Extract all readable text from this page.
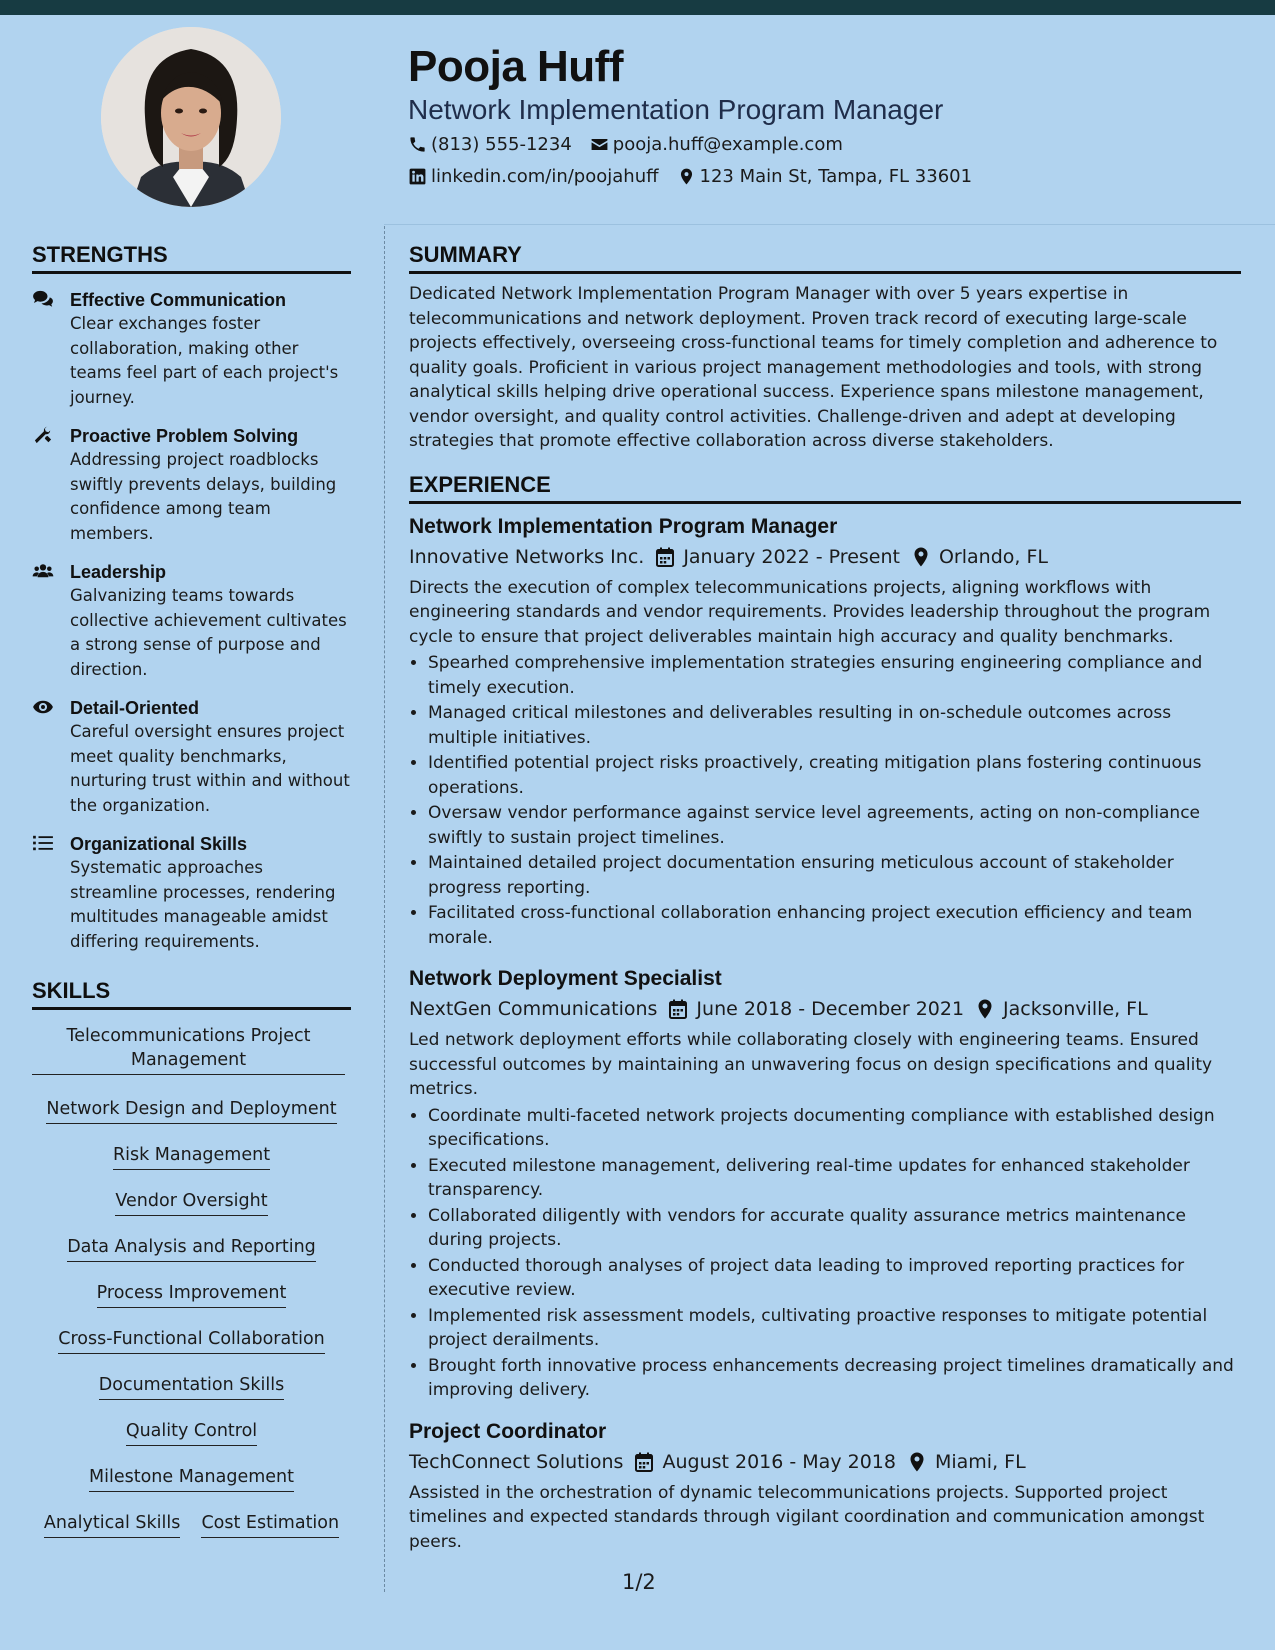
Pooja Huff
Network Implementation Program Manager
(813) 555-1234 pooja.huff@example.com
linkedin.com/in/poojahuff 123 Main St, Tampa, FL 33601
STRENGTHS
Effective Communication
Clear exchanges foster collaboration, making other teams feel part of each project's journey.
Proactive Problem Solving
Addressing project roadblocks swiftly prevents delays, building confidence among team members.
Leadership
Galvanizing teams towards collective achievement cultivates a strong sense of purpose and direction.
Detail-Oriented
Careful oversight ensures project meet quality benchmarks, nurturing trust within and without the organization.
Organizational Skills
Systematic approaches streamline processes, rendering multitudes manageable amidst differing requirements.
SKILLS
Telecommunications Project Management
Network Design and Deployment
Risk Management
Vendor Oversight
Data Analysis and Reporting
Process Improvement
Cross-Functional Collaboration
Documentation Skills
Quality Control
Milestone Management
Analytical Skills Cost Estimation
SUMMARY

Dedicated Network Implementation Program Manager with over 5 years expertise in telecommunications and network deployment. Proven track record of executing large-scale projects effectively, overseeing cross-functional teams for timely completion and adherence to quality goals. Proficient in various project management methodologies and tools, with strong analytical skills helping drive operational success. Experience spans milestone management, vendor oversight, and quality control activities. Challenge-driven and adept at developing strategies that promote effective collaboration across diverse stakeholders.

EXPERIENCE
Network Implementation Program Manager
Innovative Networks Inc. January 2022 - Present Orlando, FL

Directs the execution of complex telecommunications projects, aligning workflows with engineering standards and vendor requirements. Provides leadership throughout the program cycle to ensure that project deliverables maintain high accuracy and quality benchmarks.

• Spearhed comprehensive implementation strategies ensuring engineering compliance and timely execution.
• Managed critical milestones and deliverables resulting in on-schedule outcomes across multiple initiatives.
• Identified potential project risks proactively, creating mitigation plans fostering continuous operations.
• Oversaw vendor performance against service level agreements, acting on non-compliance swiftly to sustain project timelines.
• Maintained detailed project documentation ensuring meticulous account of stakeholder progress reporting.
• Facilitated cross-functional collaboration enhancing project execution efficiency and team morale.
Network Deployment Specialist
NextGen Communications June 2018 - December 2021 Jacksonville, FL

Led network deployment efforts while collaborating closely with engineering teams. Ensured successful outcomes by maintaining an unwavering focus on design specifications and quality metrics.

• Coordinate multi-faceted network projects documenting compliance with established design specifications.
• Executed milestone management, delivering real-time updates for enhanced stakeholder transparency.
• Collaborated diligently with vendors for accurate quality assurance metrics maintenance during projects.
• Conducted thorough analyses of project data leading to improved reporting practices for executive review.
• Implemented risk assessment models, cultivating proactive responses to mitigate potential project derailments.
• Brought forth innovative process enhancements decreasing project timelines dramatically and improving delivery.
Project Coordinator
TechConnect Solutions August 2016 - May 2018 Miami, FL

Assisted in the orchestration of dynamic telecommunications projects. Supported project timelines and expected standards through vigilant coordination and communication amongst peers.

1/2
